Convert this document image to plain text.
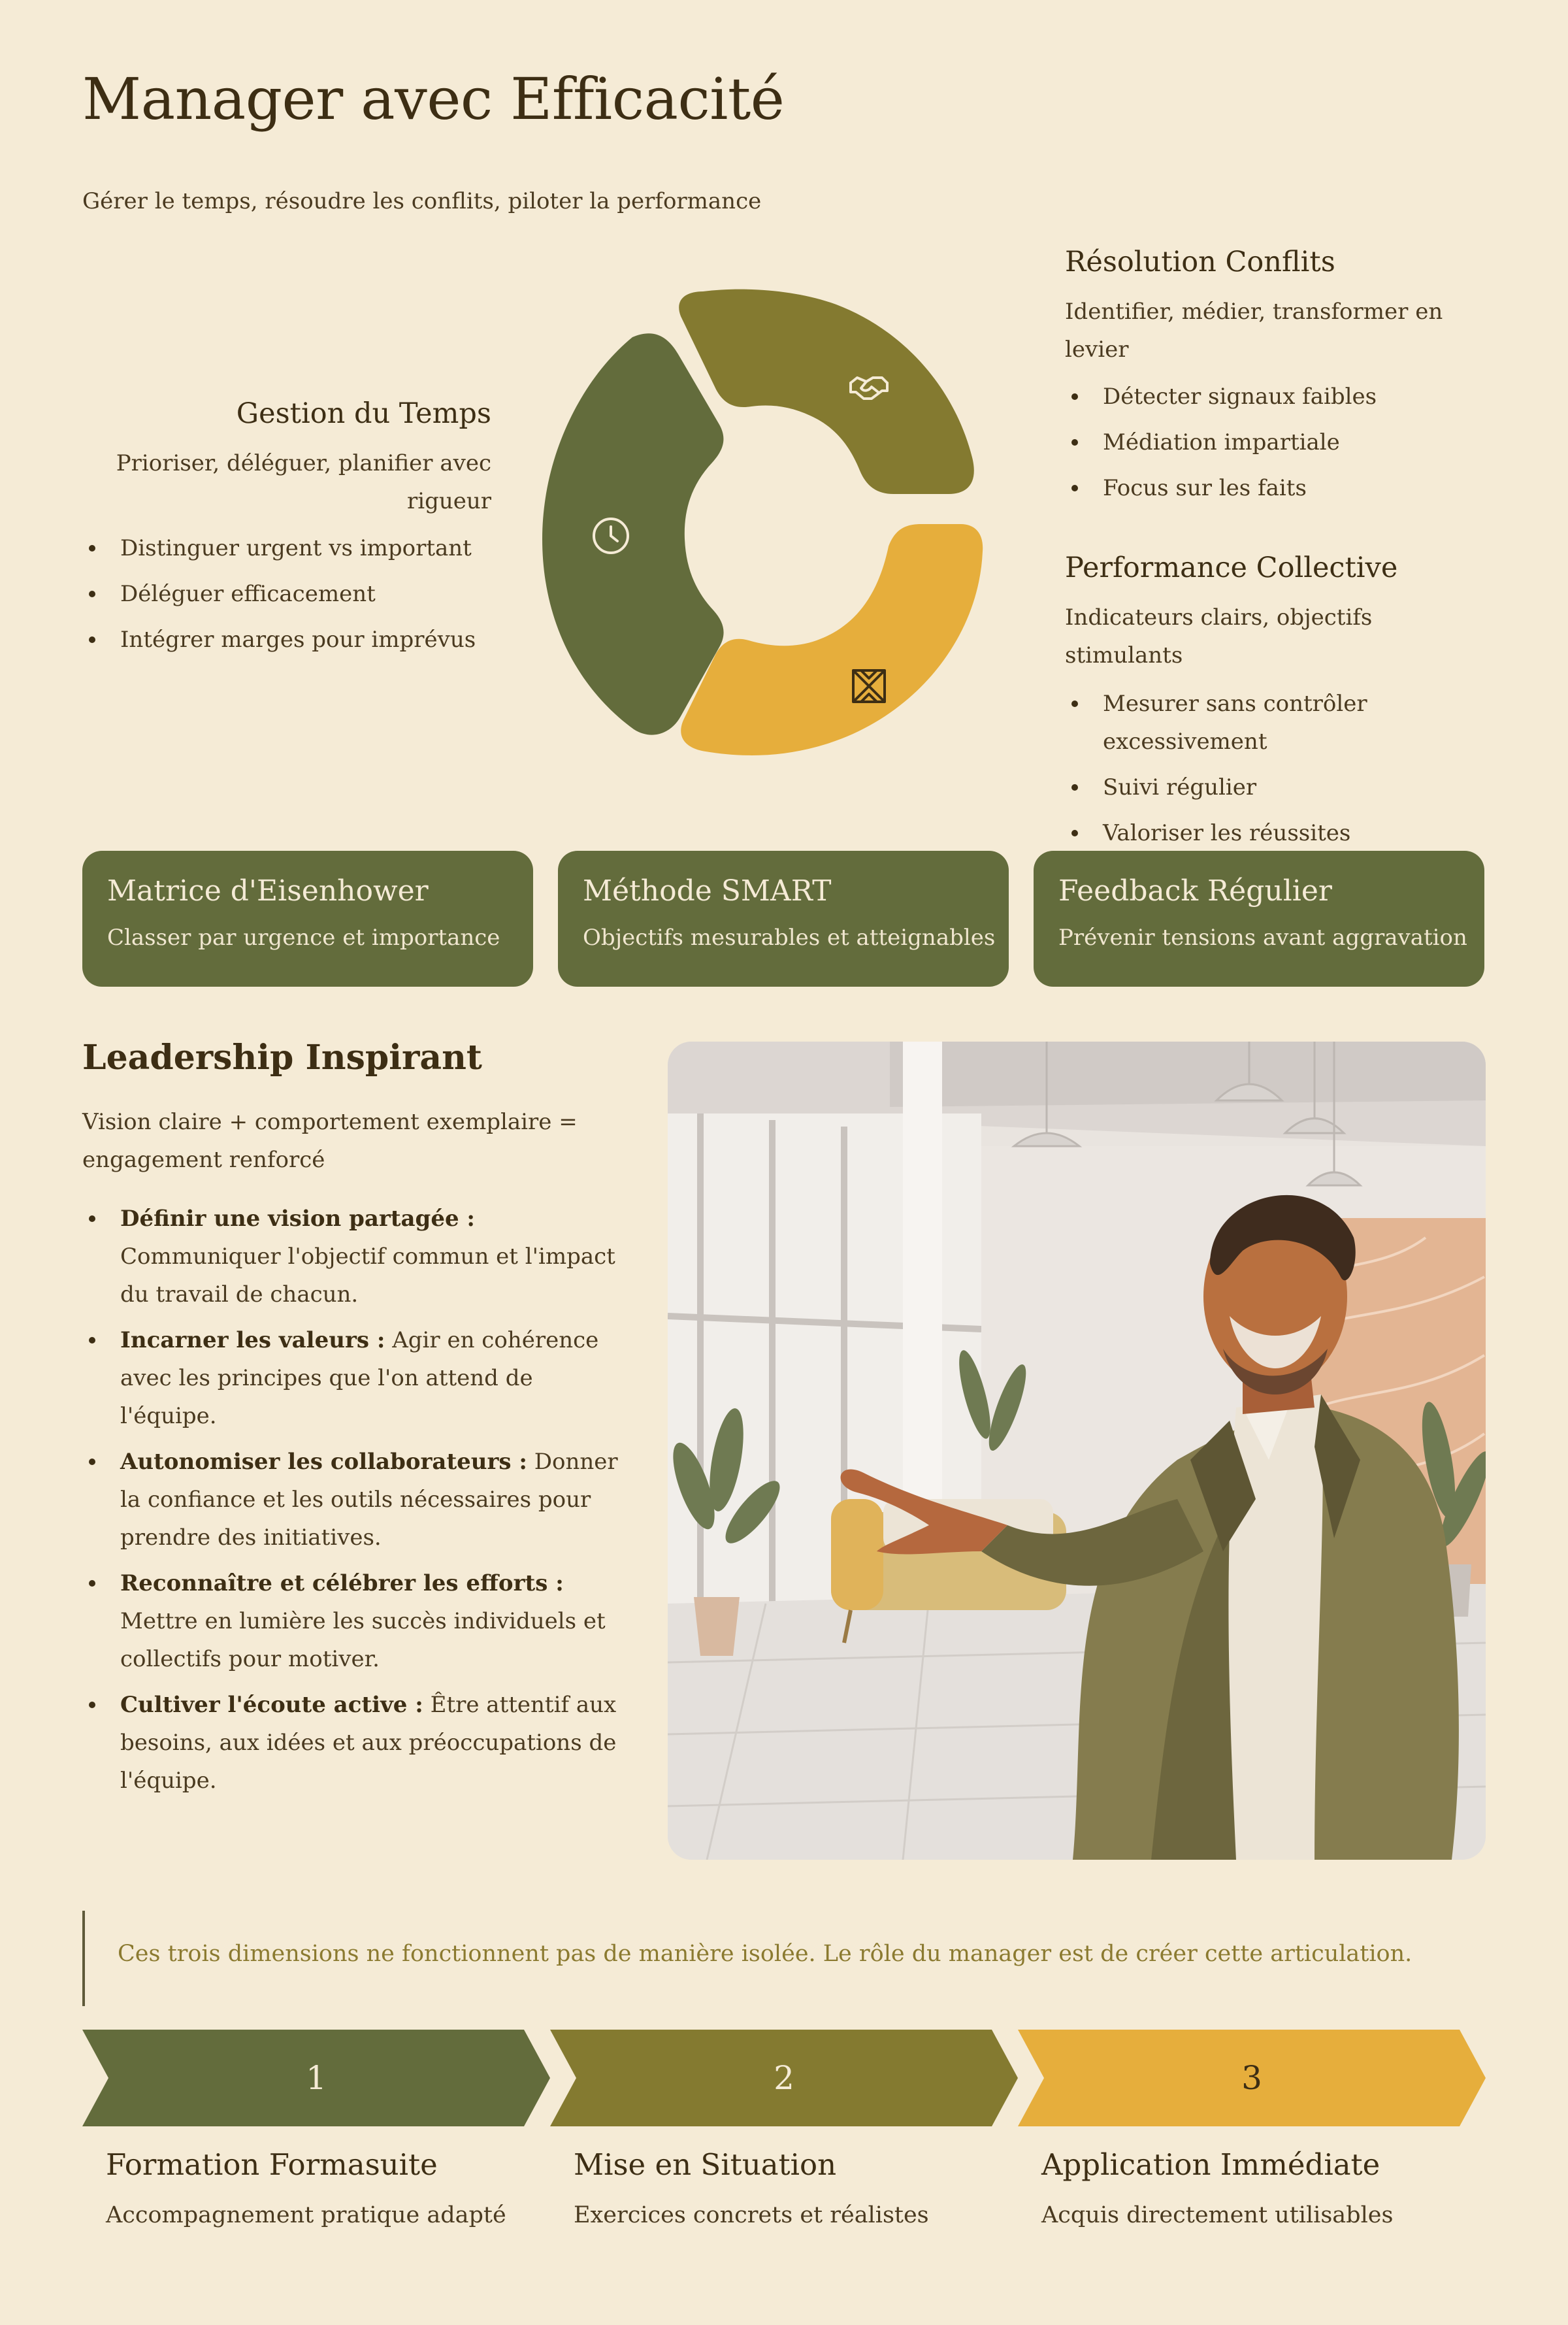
Manager avec Efficacité

Gérer le temps, résoudre les conflits, piloter la performance

Gestion du Temps

Prioriser, déléguer, planifier avec rigueur

Distinguer urgent vs important
Déléguer efficacement
Intégrer marges pour imprévus
Résolution Conflits

Identifier, médier, transformer en levier

Détecter signaux faibles
Médiation impartiale
Focus sur les faits
Performance Collective

Indicateurs clairs, objectifs stimulants

Mesurer sans contrôler excessivement
Suivi régulier
Valoriser les réussites
Matrice d'Eisenhower
Classer par urgence et importance
Méthode SMART
Objectifs mesurables et atteignables
Feedback Régulier
Prévenir tensions avant aggravation
Leadership Inspirant

Vision claire + comportement exemplaire = engagement renforcé

Définir une vision partagée : Communiquer l'objectif commun et l'impact du travail de chacun.
Incarner les valeurs : Agir en cohérence avec les principes que l'on attend de l'équipe.
Autonomiser les collaborateurs : Donner la confiance et les outils nécessaires pour prendre des initiatives.
Reconnaître et célébrer les efforts : Mettre en lumière les succès individuels et collectifs pour motiver.
Cultiver l'écoute active : Être attentif aux besoins, aux idées et aux préoccupations de l'équipe.

Ces trois dimensions ne fonctionnent pas de manière isolée. Le rôle du manager est de créer cette articulation.

1	2	3
Formation Formasuite
Accompagnement pratique adapté
Mise en Situation
Exercices concrets et réalistes
Application Immédiate
Acquis directement utilisables
